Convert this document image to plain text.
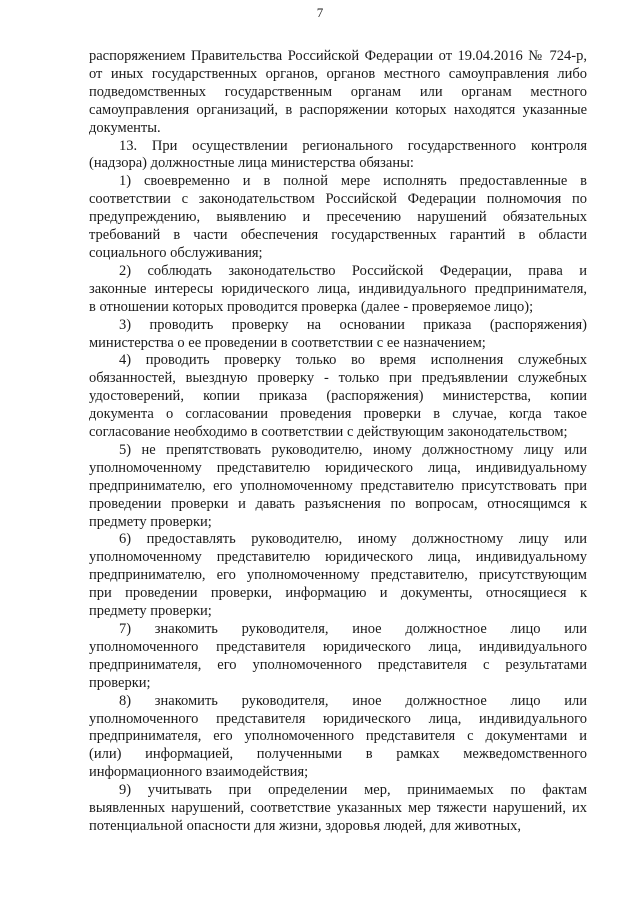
7
распоряжением Правительства Российской Федерации от 19.04.2016 № 724-р,
от иных государственных органов, органов местного самоуправления либо
подведомственных государственным органам или органам местного
самоуправления организаций, в распоряжении которых находятся указанные
документы.
13. При осуществлении регионального государственного контроля
(надзора) должностные лица министерства обязаны:
1) своевременно и в полной мере исполнять предоставленные в
соответствии с законодательством Российской Федерации полномочия по
предупреждению, выявлению и пресечению нарушений обязательных
требований в части обеспечения государственных гарантий в области
социального обслуживания;
2) соблюдать законодательство Российской Федерации, права и
законные интересы юридического лица, индивидуального предпринимателя,
в отношении которых проводится проверка (далее - проверяемое лицо);
3) проводить проверку на основании приказа (распоряжения)
министерства о ее проведении в соответствии с ее назначением;
4) проводить проверку только во время исполнения служебных
обязанностей, выездную проверку - только при предъявлении служебных
удостоверений, копии приказа (распоряжения) министерства, копии
документа о согласовании проведения проверки в случае, когда такое
согласование необходимо в соответствии с действующим законодательством;
5) не препятствовать руководителю, иному должностному лицу или
уполномоченному представителю юридического лица, индивидуальному
предпринимателю, его уполномоченному представителю присутствовать при
проведении проверки и давать разъяснения по вопросам, относящимся к
предмету проверки;
6) предоставлять руководителю, иному должностному лицу или
уполномоченному представителю юридического лица, индивидуальному
предпринимателю, его уполномоченному представителю, присутствующим
при проведении проверки, информацию и документы, относящиеся к
предмету проверки;
7) знакомить руководителя, иное должностное лицо или
уполномоченного представителя юридического лица, индивидуального
предпринимателя, его уполномоченного представителя с результатами
проверки;
8) знакомить руководителя, иное должностное лицо или
уполномоченного представителя юридического лица, индивидуального
предпринимателя, его уполномоченного представителя с документами и
(или) информацией, полученными в рамках межведомственного
информационного взаимодействия;
9) учитывать при определении мер, принимаемых по фактам
выявленных нарушений, соответствие указанных мер тяжести нарушений, их
потенциальной опасности для жизни, здоровья людей, для животных,
